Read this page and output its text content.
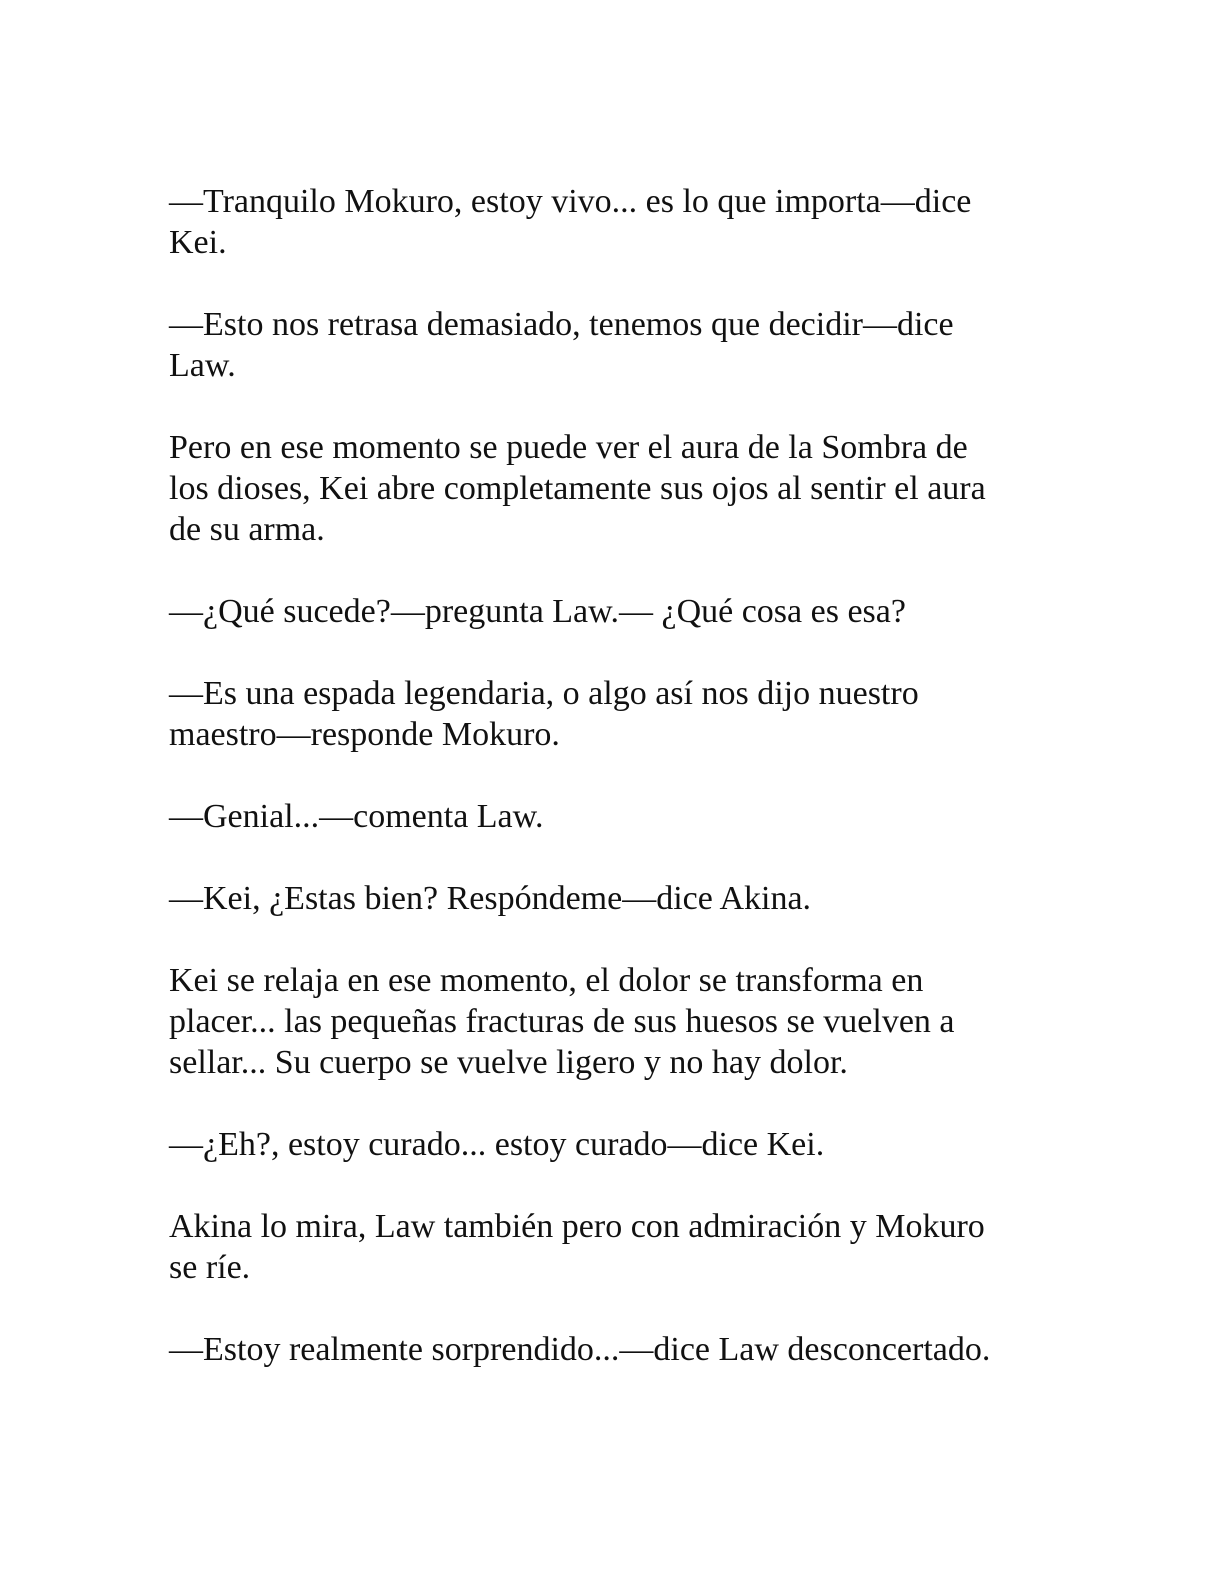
—Tranquilo Mokuro, estoy vivo... es lo que importa—dice
Kei.

—Esto nos retrasa demasiado, tenemos que decidir—dice
Law.

Pero en ese momento se puede ver el aura de la Sombra de
los dioses, Kei abre completamente sus ojos al sentir el aura
de su arma.

—¿Qué sucede?—pregunta Law.— ¿Qué cosa es esa?

—Es una espada legendaria, o algo así nos dijo nuestro
maestro—responde Mokuro.

—Genial...—comenta Law.

—Kei, ¿Estas bien? Respóndeme—dice Akina.

Kei se relaja en ese momento, el dolor se transforma en
placer... las pequeñas fracturas de sus huesos se vuelven a
sellar... Su cuerpo se vuelve ligero y no hay dolor.

—¿Eh?, estoy curado... estoy curado—dice Kei.

Akina lo mira, Law también pero con admiración y Mokuro
se ríe.

—Estoy realmente sorprendido...—dice Law desconcertado.
